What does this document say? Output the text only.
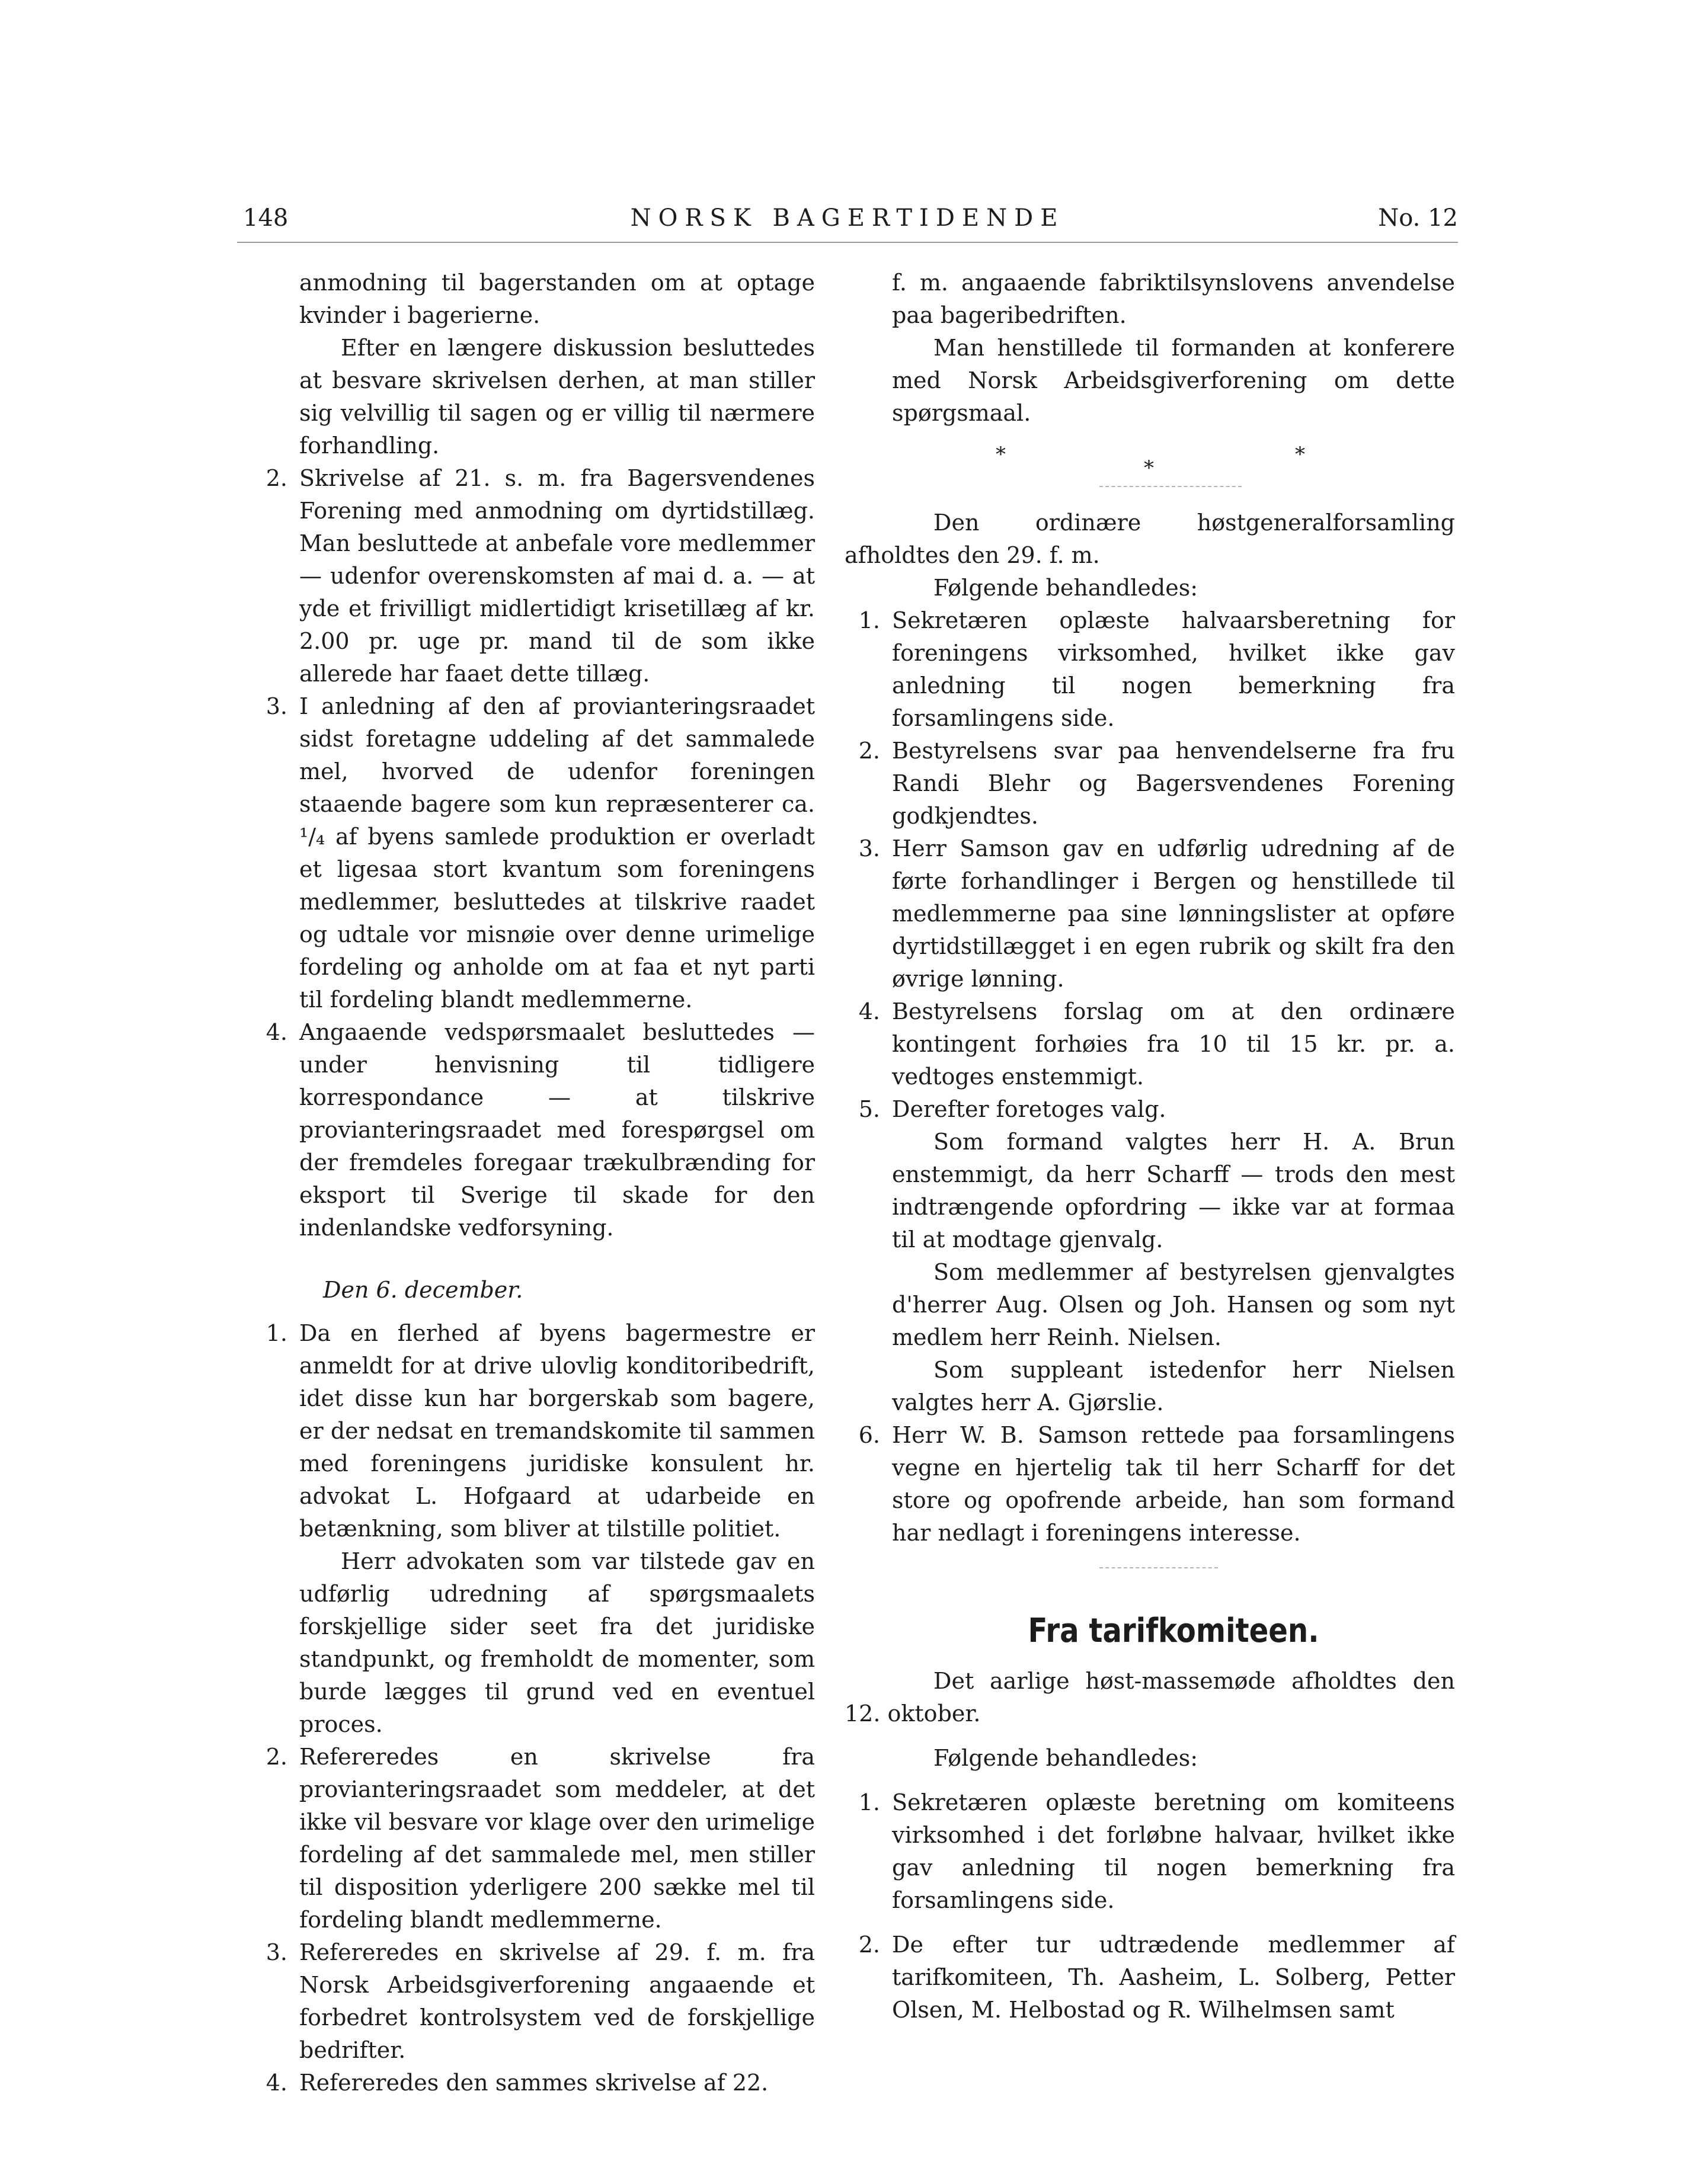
148	NORSK BAGERTIDENDE	No. 12

anmodning til bagerstanden om at optage kvinder i bagerierne.

Efter en længere diskussion besluttedes at besvare skrivelsen derhen, at man stiller sig velvillig til sagen og er villig til nærmere forhandling.

2. Skrivelse af 21. s. m. fra Bagersvendenes Forening med anmodning om dyrtidstillæg. Man besluttede at anbefale vore medlemmer — udenfor overenskomsten af mai d. a. — at yde et frivilligt midlertidigt krisetillæg af kr. 2.00 pr. uge pr. mand til de som ikke allerede har faaet dette tillæg.

3. I anledning af den af provianteringsraadet sidst foretagne uddeling af det sammalede mel, hvorved de udenfor foreningen staaende bagere som kun repræsenterer ca. ¹/₄ af byens samlede produktion er overladt et ligesaa stort kvantum som foreningens medlemmer, besluttedes at tilskrive raadet og udtale vor misnøie over denne urimelige fordeling og anholde om at faa et nyt parti til fordeling blandt medlemmerne.

4. Angaaende vedspørsmaalet besluttedes — under henvisning til tidligere korrespondance — at tilskrive provianteringsraadet med forespørgsel om der fremdeles foregaar trækulbrænding for eksport til Sverige til skade for den indenlandske vedforsyning.

Den 6. december.

1. Da en flerhed af byens bagermestre er anmeldt for at drive ulovlig konditoribedrift, idet disse kun har borgerskab som bagere, er der nedsat en tremandskomite til sammen med foreningens juridiske konsulent hr. advokat L. Hofgaard at udarbeide en betænkning, som bliver at tilstille politiet.

Herr advokaten som var tilstede gav en udførlig udredning af spørgsmaalets forskjellige sider seet fra det juridiske standpunkt, og fremholdt de momenter, som burde lægges til grund ved en eventuel proces.

2. Refereredes en skrivelse fra provianteringsraadet som meddeler, at det ikke vil besvare vor klage over den urimelige fordeling af det sammalede mel, men stiller til disposition yderligere 200 sække mel til fordeling blandt medlemmerne.

3. Refereredes en skrivelse af 29. f. m. fra Norsk Arbeidsgiverforening angaaende et forbedret kontrolsystem ved de forskjellige bedrifter.

4. Refereredes den sammes skrivelse af 22.

f. m. angaaende fabriktilsynslovens anvendelse paa bageribedriften.

Man henstillede til formanden at konferere med Norsk Arbeidsgiverforening om dette spørgsmaal.

*
*
*

Den ordinære høstgeneralforsamling afholdtes den 29. f. m.

Følgende behandledes:

1. Sekretæren oplæste halvaarsberetning for foreningens virksomhed, hvilket ikke gav anledning til nogen bemerkning fra forsamlingens side.

2. Bestyrelsens svar paa henvendelserne fra fru Randi Blehr og Bagersvendenes Forening godkjendtes.

3. Herr Samson gav en udførlig udredning af de førte forhandlinger i Bergen og henstillede til medlemmerne paa sine lønningslister at opføre dyrtidstillægget i en egen rubrik og skilt fra den øvrige lønning.

4. Bestyrelsens forslag om at den ordinære kontingent forhøies fra 10 til 15 kr. pr. a. vedtoges enstemmigt.

5. Derefter foretoges valg.

Som formand valgtes herr H. A. Brun enstemmigt, da herr Scharff — trods den mest indtrængende opfordring — ikke var at formaa til at modtage gjenvalg.

Som medlemmer af bestyrelsen gjenvalgtes d'herrer Aug. Olsen og Joh. Hansen og som nyt medlem herr Reinh. Nielsen.

Som suppleant istedenfor herr Nielsen valgtes herr A. Gjørslie.

6. Herr W. B. Samson rettede paa forsamlingens vegne en hjertelig tak til herr Scharff for det store og opofrende arbeide, han som formand har nedlagt i foreningens interesse.

Fra tarifkomiteen.

Det aarlige høst-massemøde afholdtes den 12. oktober.

Følgende behandledes:

1. Sekretæren oplæste beretning om komiteens virksomhed i det forløbne halvaar, hvilket ikke gav anledning til nogen bemerkning fra forsamlingens side.

2. De efter tur udtrædende medlemmer af tarifkomiteen, Th. Aasheim, L. Solberg, Petter Olsen, M. Helbostad og R. Wilhelmsen samt
